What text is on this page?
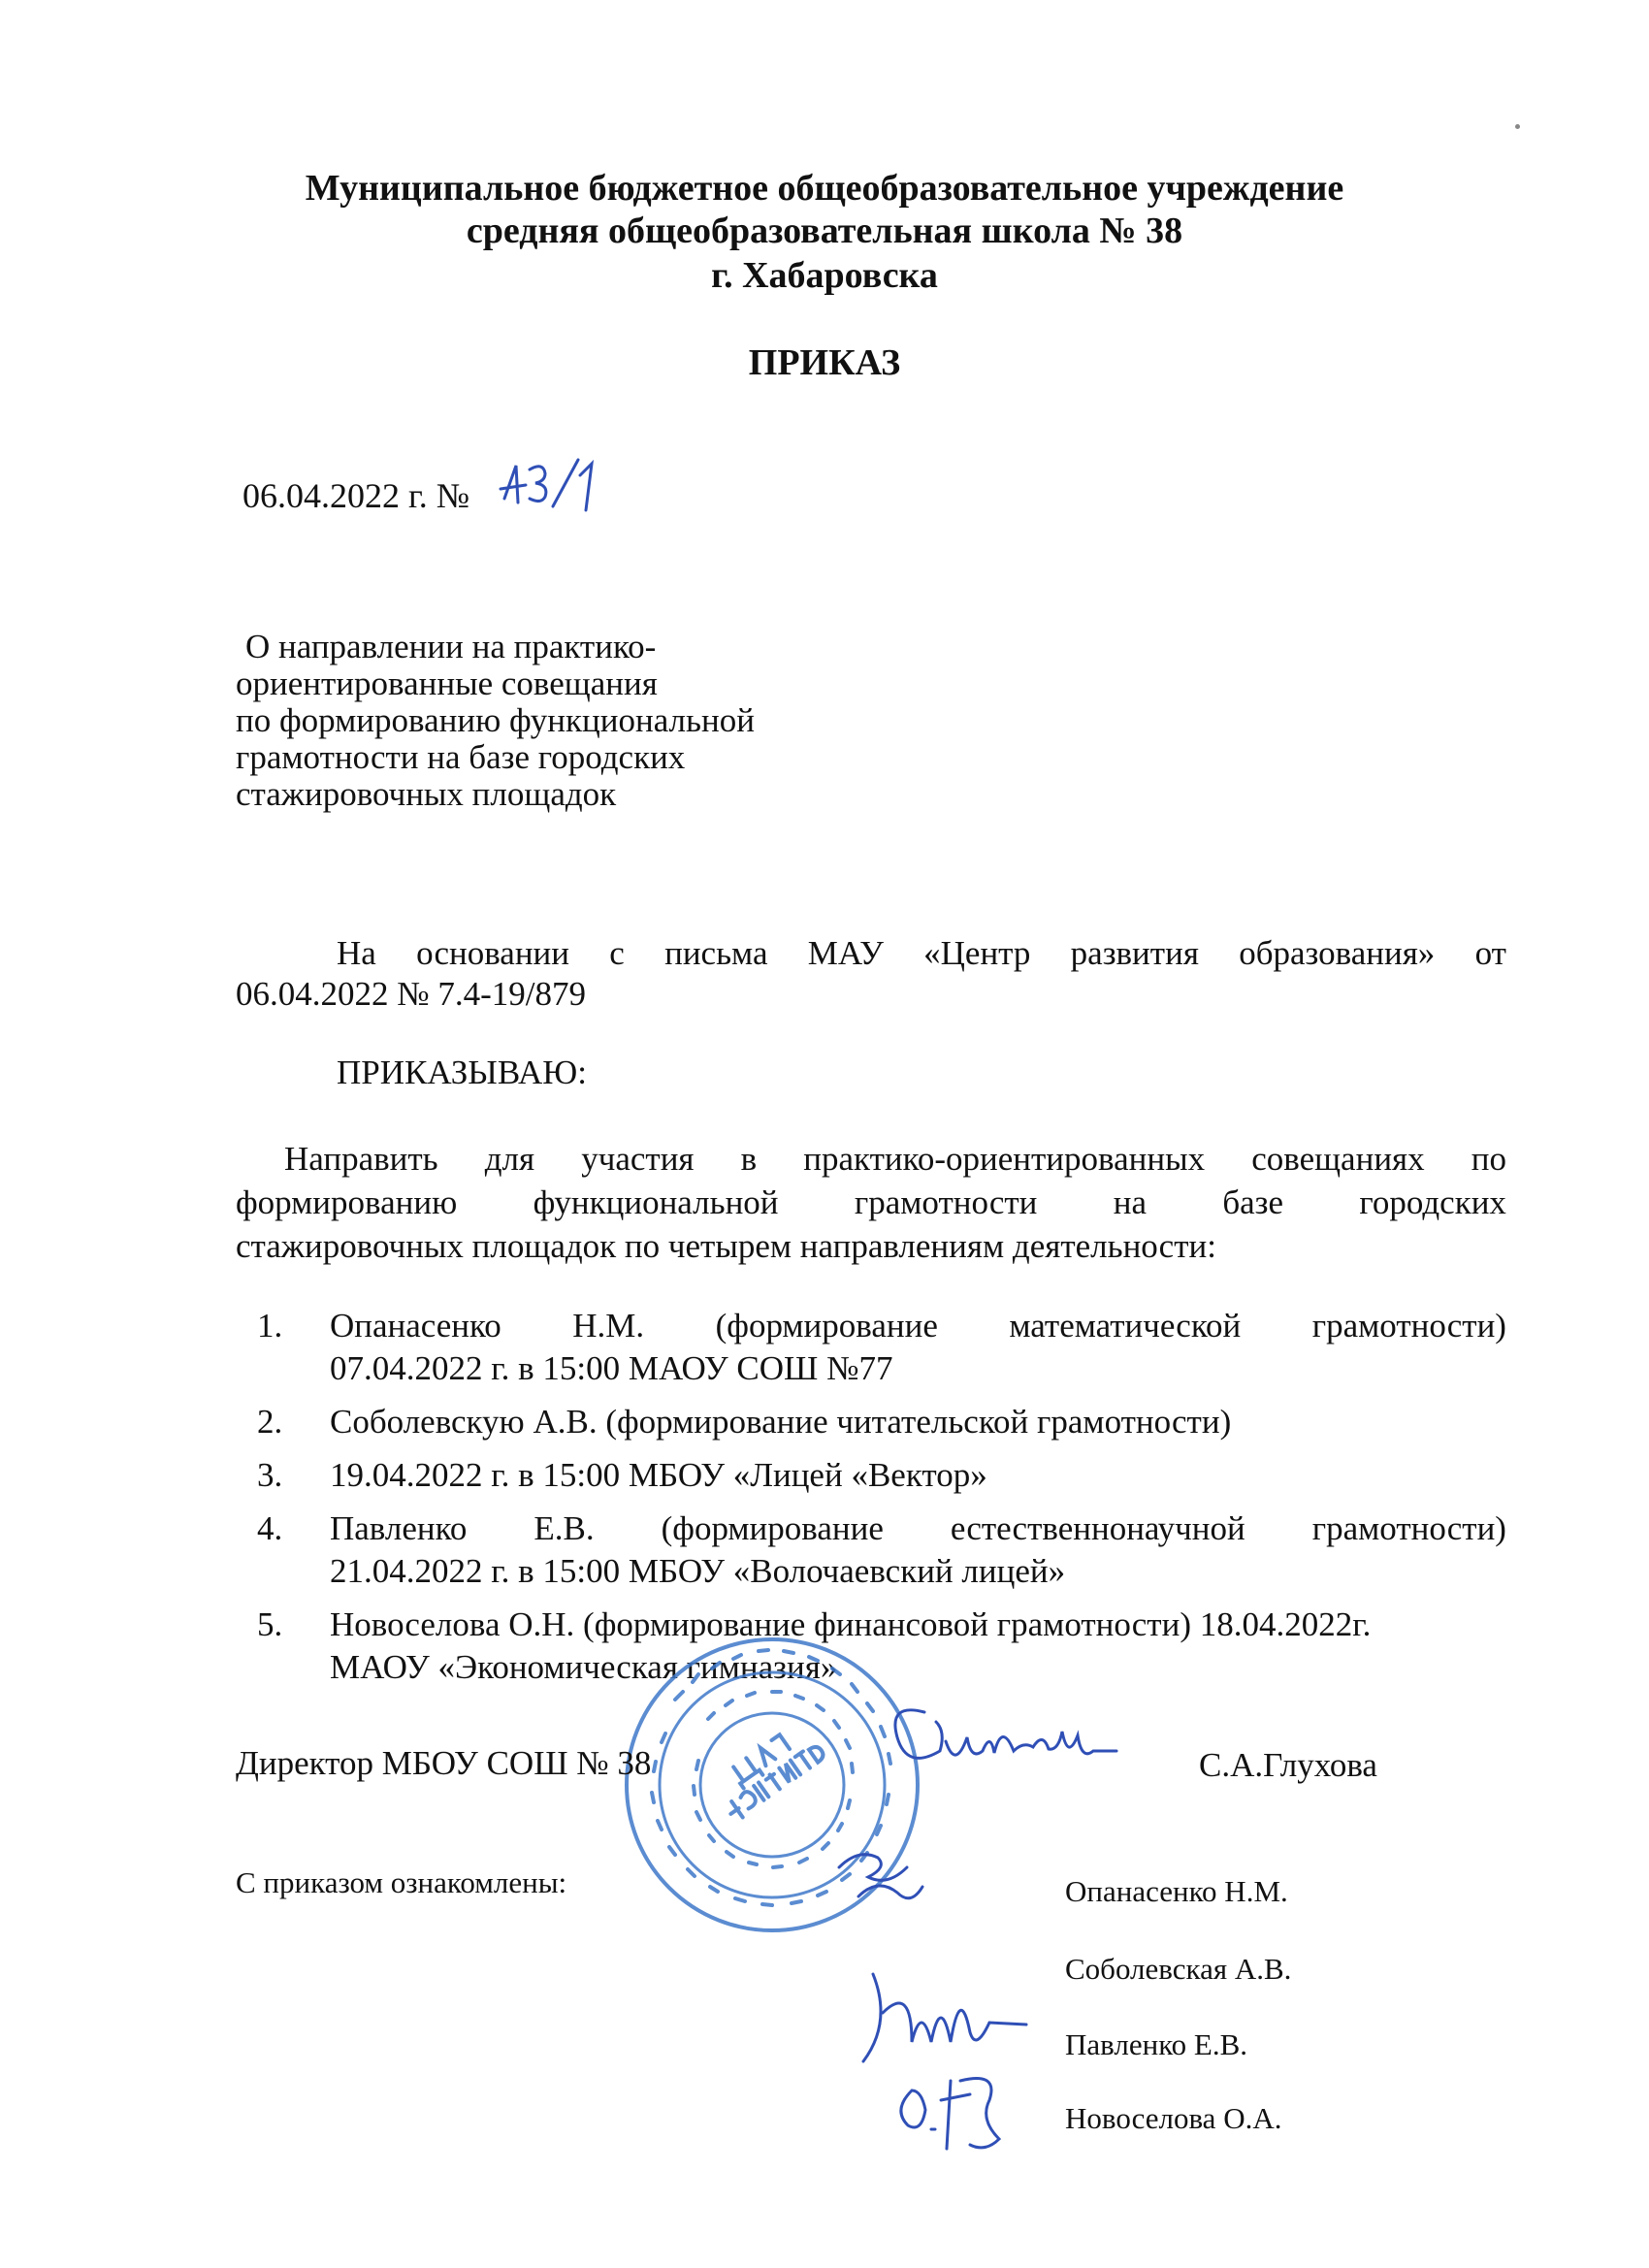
Муниципальное бюджетное общеобразовательное учреждение
средняя общеобразовательная школа № 38
г. Хабаровска
ПРИКАЗ
06.04.2022 г. №
О направлении на практико-
ориентированные совещания
по формированию функциональной
грамотности на базе городских
стажировочных площадок
На основании с письма МАУ «Центр развития образования» от
06.04.2022 № 7.4-19/879
ПРИКАЗЫВАЮ:
Направить для участия в практико-ориентированных совещаниях по
формированию функциональной грамотности на базе городских
стажировочных площадок по четырем направлениям деятельности:
1.	Опанасенко Н.М. (формирование математической грамотности)
07.04.2022 г. в 15:00 МАОУ СОШ №77
2.	Соболевскую А.В. (формирование читательской грамотности)
3.	19.04.2022 г. в 15:00 МБОУ «Лицей «Вектор»
4.	Павленко Е.В. (формирование естественнонаучной грамотности)
21.04.2022 г. в 15:00 МБОУ «Волочаевский лицей»
5.	Новоселова О.Н. (формирование финансовой грамотности) 18.04.2022г.
МАОУ «Экономическая гимназия»
Директор МБОУ СОШ № 38	С.А.Глухова
С приказом ознакомлены:	Опанасенко Н.М.
Соболевская А.В.
Павленко Е.В.
Новоселова О.А.
